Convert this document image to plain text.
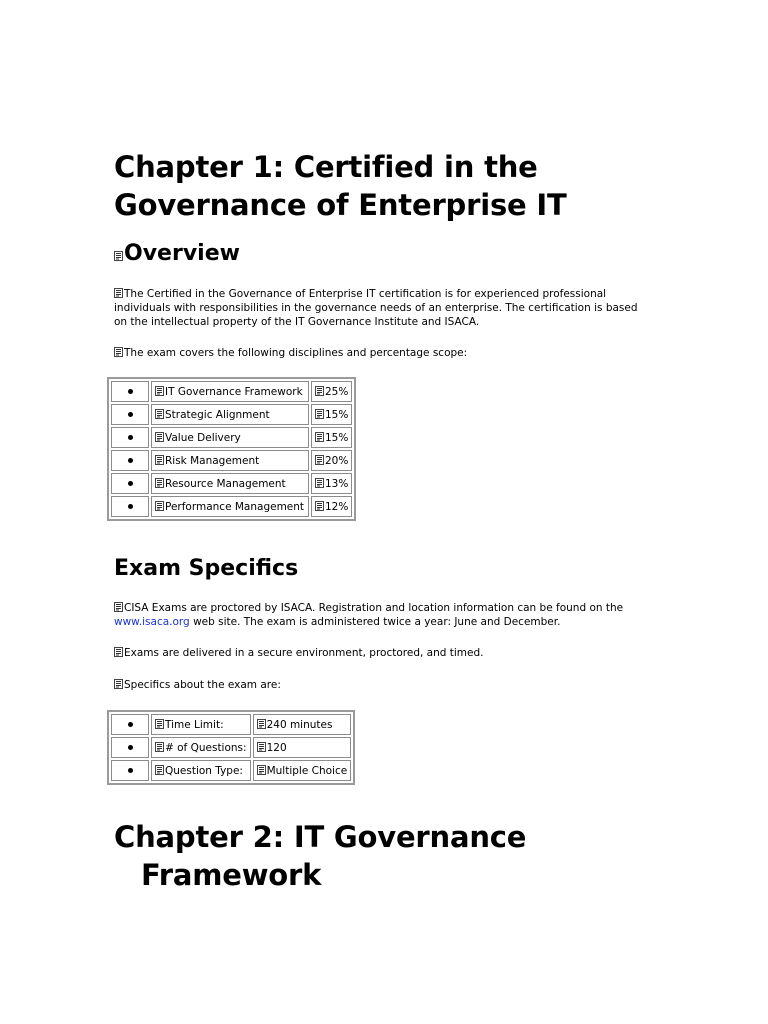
Chapter 1: Certified in the
Governance of Enterprise IT
Overview

The Certified in the Governance of Enterprise IT certification is for experienced professional

individuals with responsibilities in the governance needs of an enterprise. The certification is based

on the intellectual property of the IT Governance Institute and ISACA.

The exam covers the following disciplines and percentage scope:

IT Governance Framework	25%

Strategic Alignment	15%

Value Delivery	15%

Risk Management	20%

Resource Management	13%

Performance Management	12%
Exam Specifics

CISA Exams are proctored by ISACA. Registration and location information can be found on the

www.isaca.org web site. The exam is administered twice a year: June and December.

Exams are delivered in a secure environment, proctored, and timed.

Specifics about the exam are:

Time Limit:	240 minutes

# of Questions:	120

Question Type:	Multiple Choice
Chapter 2: IT Governance
Framework
